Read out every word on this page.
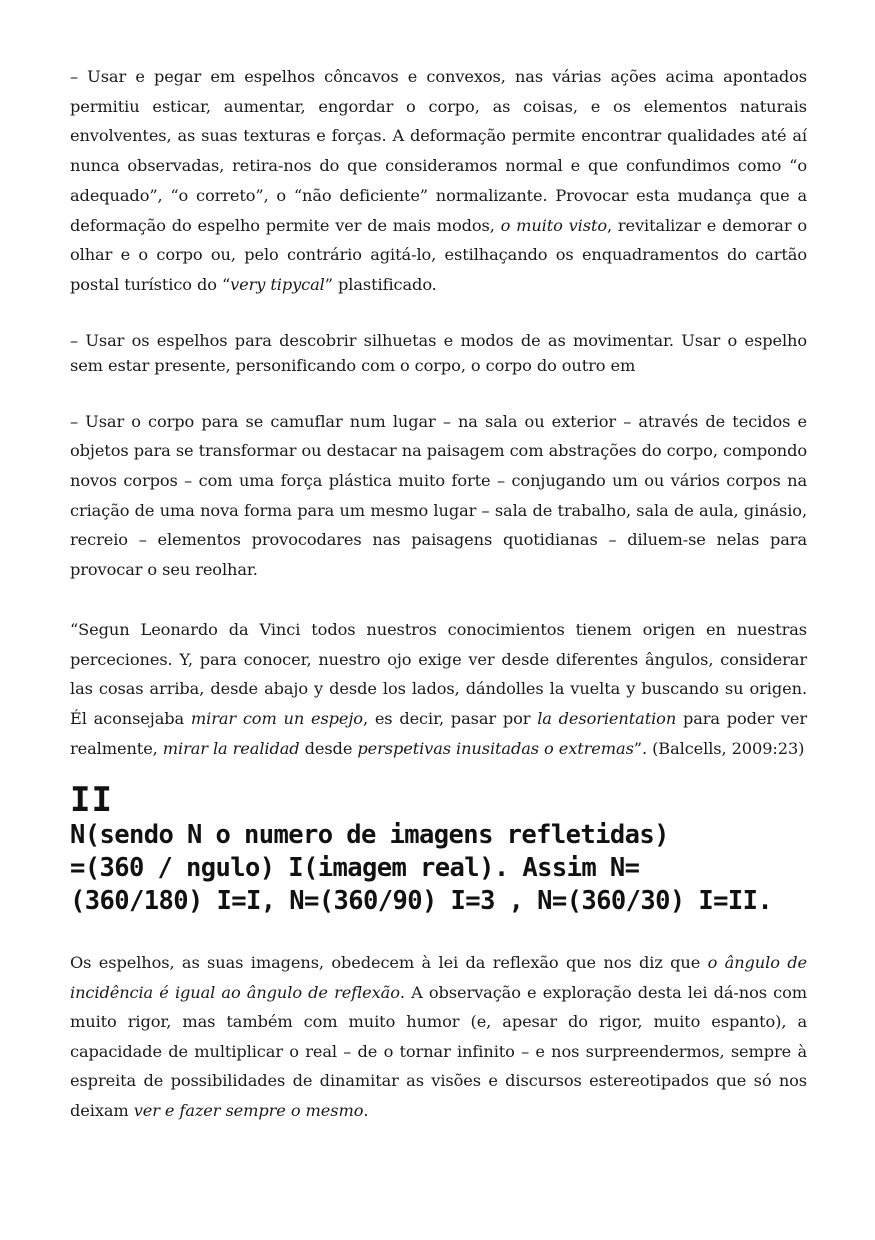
– Usar e pegar em espelhos côncavos e convexos, nas várias ações acima apontados permitiu esticar, aumentar, engordar o corpo, as coisas, e os elementos naturais envolventes, as suas texturas e forças. A deformação permite encontrar qualidades até aí nunca observadas, retira-nos do que consideramos normal e que confundimos como “o adequado”, “o correto”, o “não deficiente” normalizante. Provocar esta mudança que a deformação do espelho permite ver de mais modos, o muito visto, revitalizar e demorar o olhar e o corpo ou, pelo contrário agitá-lo, estilhaçando os enquadramentos do cartão postal turístico do “very tipycal” plastificado.

– Usar os espelhos para descobrir silhuetas e modos de as movimentar. Usar o espelho sem estar presente, personificando com o corpo, o corpo do outro em

– Usar o corpo para se camuflar num lugar – na sala ou exterior – através de tecidos e objetos para se transformar ou destacar na paisagem com abstrações do corpo, compondo novos corpos – com uma força plástica muito forte – conjugando um ou vários corpos na criação de uma nova forma para um mesmo lugar – sala de trabalho, sala de aula, ginásio, recreio – elementos provocodares nas paisagens quotidianas – diluem-se nelas para provocar o seu reolhar.

“Segun Leonardo da Vinci todos nuestros conocimientos tienem origen en nuestras perceciones. Y, para conocer, nuestro ojo exige ver desde diferentes ângulos, considerar las cosas arriba, desde abajo y desde los lados, dándolles la vuelta y buscando su origen. Él aconsejaba mirar com un espejo, es decir, pasar por la desorientation para poder ver realmente, mirar la realidad desde perspetivas inusitadas o extremas”. (Balcells, 2009:23)

II
N(sendo N o numero de imagens refletidas)
=(360 / ngulo) I(imagem real). Assim N=
(360/180) I=I, N=(360/90) I=3 , N=(360/30) I=II.

Os espelhos, as suas imagens, obedecem à lei da reflexão que nos diz que o ângulo de incidência é igual ao ângulo de reflexão. A observação e exploração desta lei dá-nos com muito rigor, mas também com muito humor (e, apesar do rigor, muito espanto), a capacidade de multiplicar o real – de o tornar infinito – e nos surpreendermos, sempre à espreita de possibilidades de dinamitar as visões e discursos estereotipados que só nos deixam ver e fazer sempre o mesmo.
